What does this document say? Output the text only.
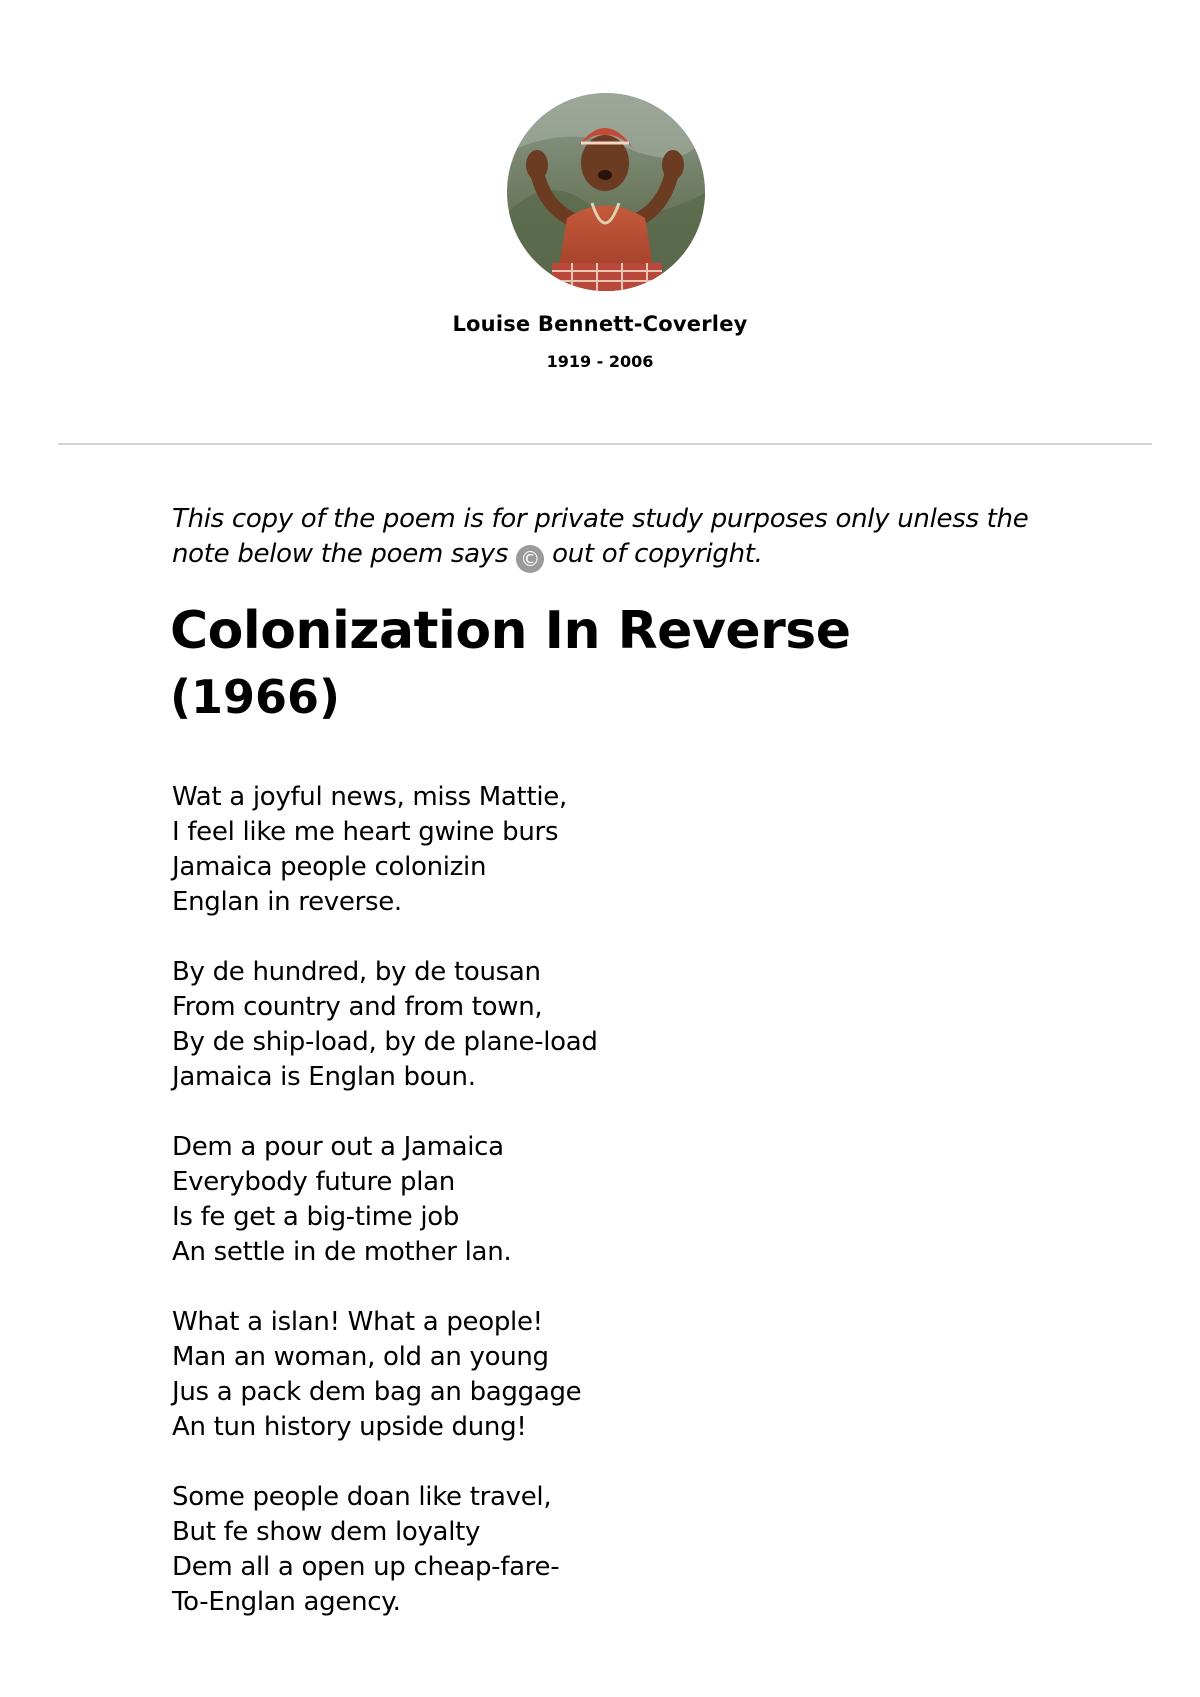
Louise Bennett-Coverley
1919 - 2006
This copy of the poem is for private study purposes only unless the note below the poem says © out of copyright.
Colonization In Reverse
(1966)
Wat a joyful news, miss Mattie,
I feel like me heart gwine burs
Jamaica people colonizin
Englan in reverse.
By de hundred, by de tousan
From country and from town,
By de ship-load, by de plane-load
Jamaica is Englan boun.
Dem a pour out a Jamaica
Everybody future plan
Is fe get a big-time job
An settle in de mother lan.
What a islan! What a people!
Man an woman, old an young
Jus a pack dem bag an baggage
An tun history upside dung!
Some people doan like travel,
But fe show dem loyalty
Dem all a open up cheap-fare-
To-Englan agency.
